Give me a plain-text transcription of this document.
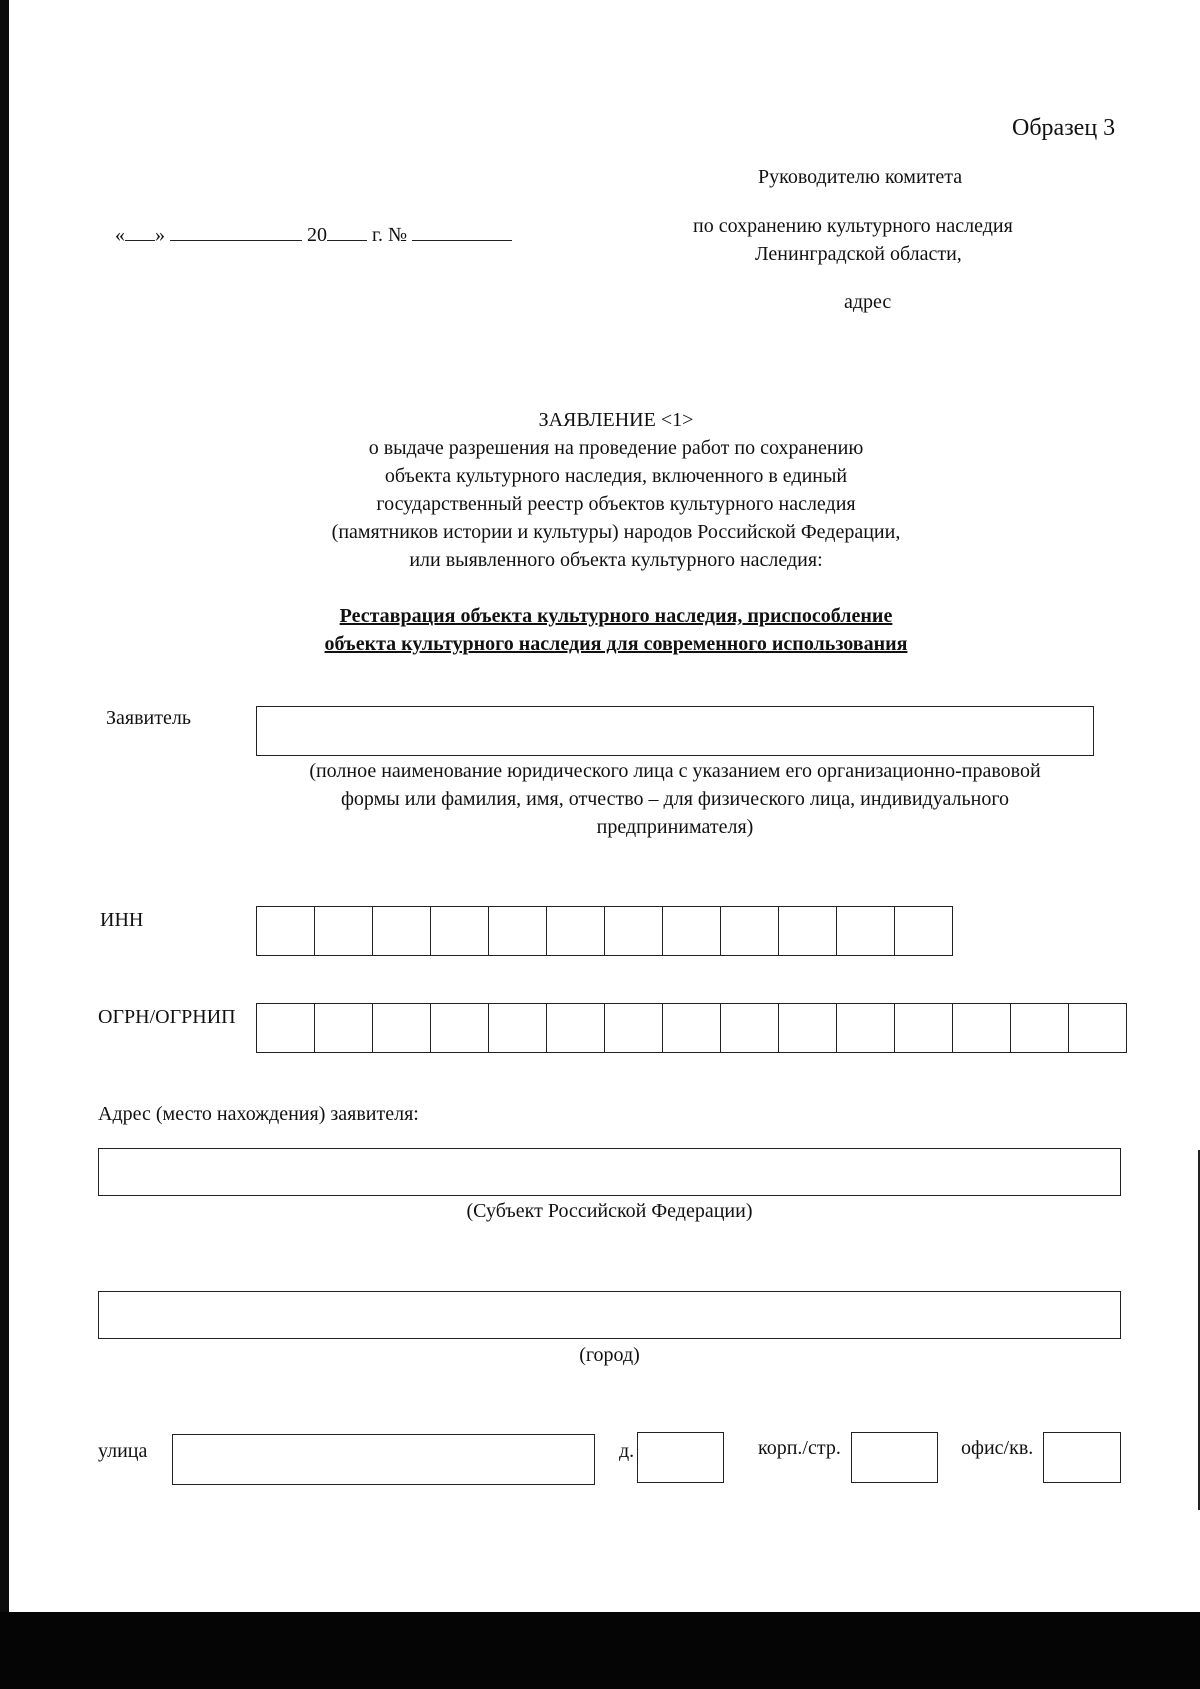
Образец 3
Руководителю комитета
по сохранению культурного наследия
Ленинградской области,
адрес
« »	20 г. №
ЗАЯВЛЕНИЕ <1>
о выдаче разрешения на проведение работ по сохранению
объекта культурного наследия, включенного в единый
государственный реестр объектов культурного наследия
(памятников истории и культуры) народов Российской Федерации,
или выявленного объекта культурного наследия:
Реставрация объекта культурного наследия, приспособление
объекта культурного наследия для современного использования
Заявитель
(полное наименование юридического лица с указанием его организационно-правовой
формы или фамилия, имя, отчество – для физического лица, индивидуального
предпринимателя)
ИНН
ОГРН/ОГРНИП
Адрес (место нахождения) заявителя:
(Субъект Российской Федерации)
(город)
улица	д.	корп./стр.	офис/кв.
